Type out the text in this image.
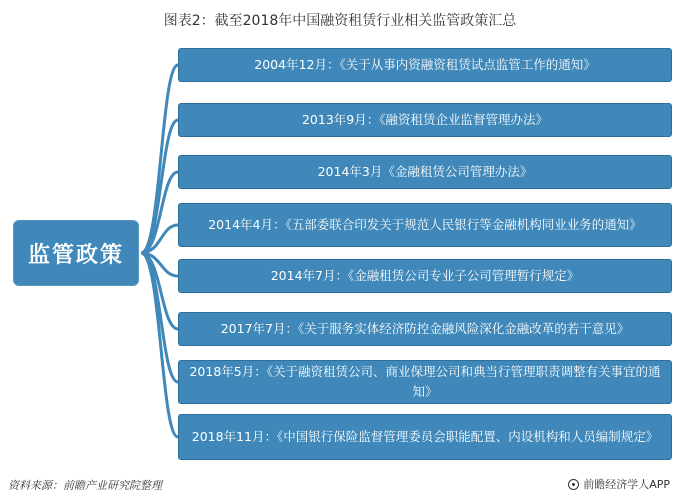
图表2：截至2018年中国融资租赁行业相关监管政策汇总
监管政策
2004年12月：《关于从事内资融资租赁试点监管工作的通知》
2013年9月：《融资租赁企业监督管理办法》
2014年3月《金融租赁公司管理办法》
2014年4月：《五部委联合印发关于规范人民银行等金融机构同业业务的通知》
2014年7月：《金融租赁公司专业子公司管理暂行规定》
2017年7月：《关于服务实体经济防控金融风险深化金融改革的若干意见》
2018年5月：《关于融资租赁公司、商业保理公司和典当行管理职责调整有关事宜的通知》
2018年11月：《中国银行保险监督管理委员会职能配置、内设机构和人员编制规定》
资料来源：前瞻产业研究院整理	前瞻经济学人APP
